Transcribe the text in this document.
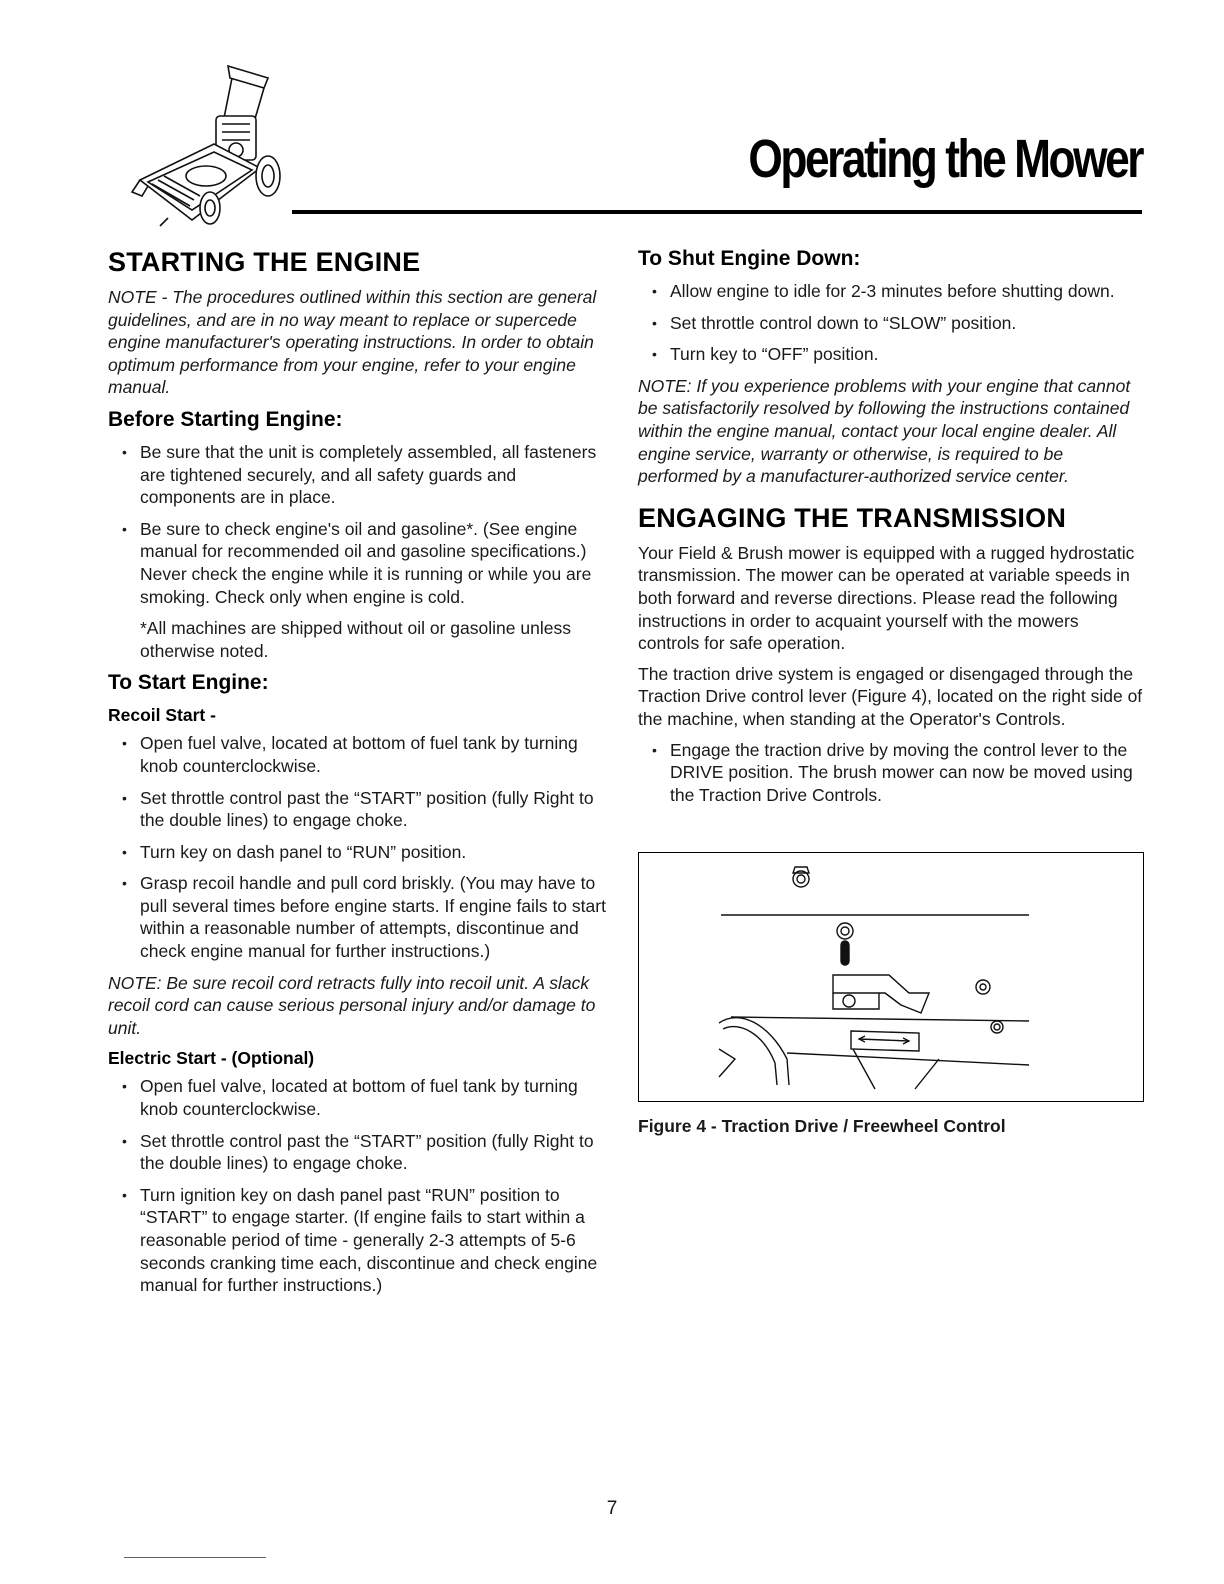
Operating the Mower
STARTING THE ENGINE

NOTE - The procedures outlined within this section are general guidelines, and are in no way meant to replace or supercede engine manufacturer's operating instructions. In order to obtain optimum performance from your engine, refer to your engine manual.

Before Starting Engine:
• Be sure that the unit is completely assembled, all fasteners are tightened securely, and all safety guards and components are in place.
• Be sure to check engine's oil and gasoline*. (See engine manual for recommended oil and gasoline specifications.) Never check the engine while it is running or while you are smoking. Check only when engine is cold.

*All machines are shipped without oil or gasoline unless otherwise noted.

To Start Engine:
Recoil Start -
• Open fuel valve, located at bottom of fuel tank by turning knob counterclockwise.
• Set throttle control past the “START” position (fully Right to the double lines) to engage choke.
• Turn key on dash panel to “RUN” position.
• Grasp recoil handle and pull cord briskly. (You may have to pull several times before engine starts. If engine fails to start within a reasonable number of attempts, discontinue and check engine manual for further instructions.)

NOTE: Be sure recoil cord retracts fully into recoil unit. A slack recoil cord can cause serious personal injury and/or damage to unit.

Electric Start - (Optional)
• Open fuel valve, located at bottom of fuel tank by turning knob counterclockwise.
• Set throttle control past the “START” position (fully Right to the double lines) to engage choke.
• Turn ignition key on dash panel past “RUN” position to “START” to engage starter. (If engine fails to start within a reasonable period of time - generally 2-3 attempts of 5-6 seconds cranking time each, discontinue and check engine manual for further instructions.)
To Shut Engine Down:
• Allow engine to idle for 2-3 minutes before shutting down.
• Set throttle control down to “SLOW” position.
• Turn key to “OFF” position.

NOTE: If you experience problems with your engine that cannot be satisfactorily resolved by following the instructions contained within the engine manual, contact your local engine dealer. All engine service, warranty or otherwise, is required to be performed by a manufacturer-authorized service center.

ENGAGING THE TRANSMISSION

Your Field & Brush mower is equipped with a rugged hydrostatic transmission. The mower can be operated at variable speeds in both forward and reverse directions. Please read the following instructions in order to acquaint yourself with the mowers controls for safe operation.

The traction drive system is engaged or disengaged through the Traction Drive control lever (Figure 4), located on the right side of the machine, when standing at the Operator's Controls.

• Engage the traction drive by moving the control lever to the DRIVE position. The brush mower can now be moved using the Traction Drive Controls.
Figure 4 - Traction Drive / Freewheel Control
7
